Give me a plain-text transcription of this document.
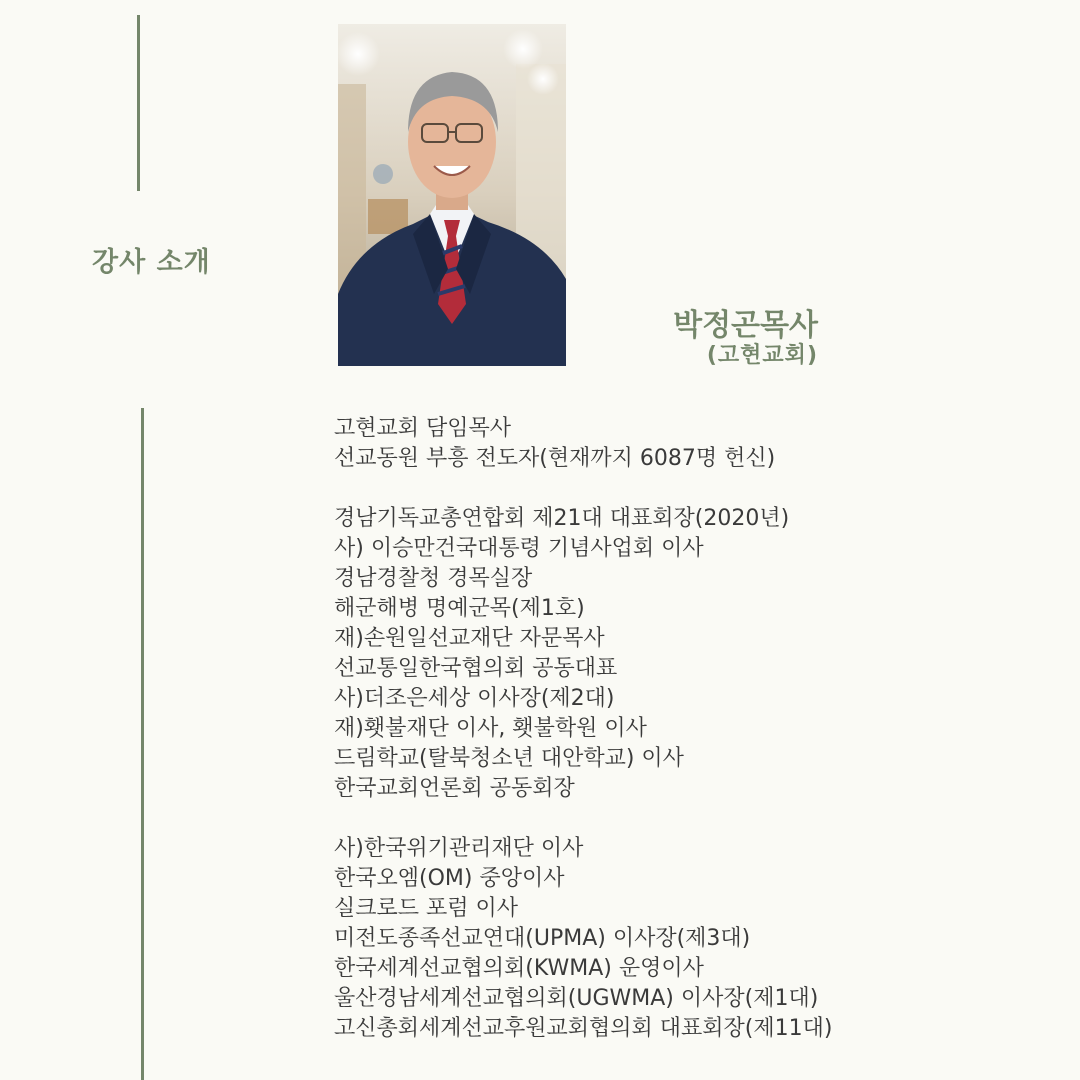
강사 소개
박정곤목사
(고현교회)
고현교회 담임목사
선교동원 부흥 전도자(현재까지 6087명 헌신)
경남기독교총연합회 제21대 대표회장(2020년)
사) 이승만건국대통령 기념사업회 이사
경남경찰청 경목실장
해군해병 명예군목(제1호)
재)손원일선교재단 자문목사
선교통일한국협의회 공동대표
사)더조은세상 이사장(제2대)
재)횃불재단 이사, 횃불학원 이사
드림학교(탈북청소년 대안학교) 이사
한국교회언론회 공동회장
사)한국위기관리재단 이사
한국오엠(OM) 중앙이사
실크로드 포럼 이사
미전도종족선교연대(UPMA) 이사장(제3대)
한국세계선교협의회(KWMA) 운영이사
울산경남세계선교협의회(UGWMA) 이사장(제1대)
고신총회세계선교후원교회협의회 대표회장(제11대)
